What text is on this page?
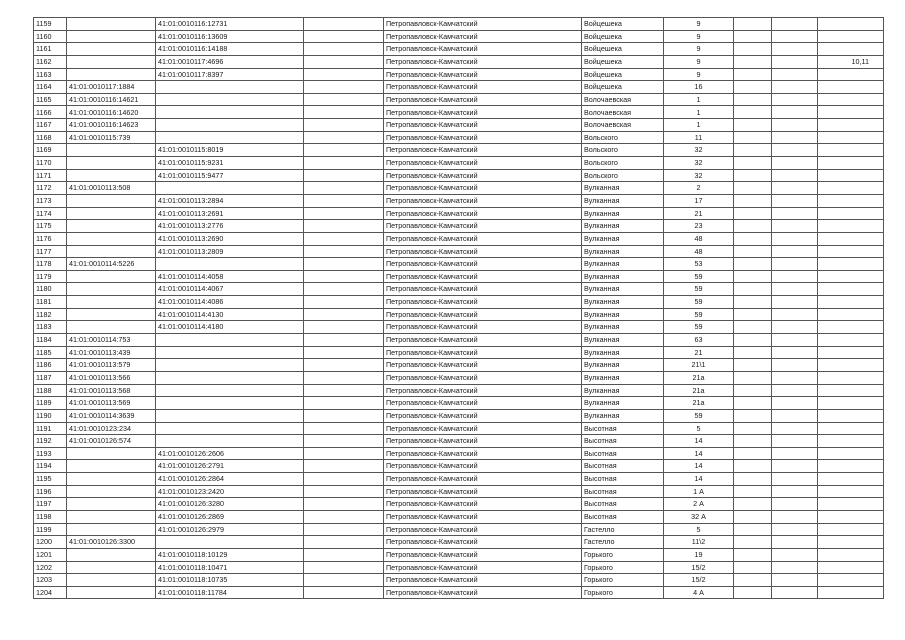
1159		41:01:0010116:12731		Петропавловск-Камчатский	Войцешека	9			
1160		41:01:0010116:13609		Петропавловск-Камчатский	Войцешека	9			
1161		41:01:0010116:14188		Петропавловск-Камчатский	Войцешека	9			
1162		41:01:0010117:4696		Петропавловск-Камчатский	Войцешека	9			10,11
1163		41:01:0010117:8397		Петропавловск-Камчатский	Войцешека	9			
1164	41:01:0010117:1884			Петропавловск-Камчатский	Войцешека	16			
1165	41:01:0010116:14621			Петропавловск-Камчатский	Волочаевская	1			
1166	41:01:0010116:14620			Петропавловск-Камчатский	Волочаевская	1			
1167	41:01:0010116:14623			Петропавловск-Камчатский	Волочаевская	1			
1168	41:01:0010115:739			Петропавловск-Камчатский	Вольского	11			
1169		41:01:0010115:8019		Петропавловск-Камчатский	Вольского	32			
1170		41:01:0010115:9231		Петропавловск-Камчатский	Вольского	32			
1171		41:01:0010115:9477		Петропавловск-Камчатский	Вольского	32			
1172	41:01:0010113:508			Петропавловск-Камчатский	Вулканная	2			
1173		41:01:0010113:2894		Петропавловск-Камчатский	Вулканная	17			
1174		41:01:0010113:2691		Петропавловск-Камчатский	Вулканная	21			
1175		41:01:0010113:2776		Петропавловск-Камчатский	Вулканная	23			
1176		41:01:0010113:2690		Петропавловск-Камчатский	Вулканная	48			
1177		41:01:0010113:2809		Петропавловск-Камчатский	Вулканная	48			
1178	41:01:0010114:5226			Петропавловск-Камчатский	Вулканная	53			
1179		41:01:0010114:4058		Петропавловск-Камчатский	Вулканная	59			
1180		41:01:0010114:4067		Петропавловск-Камчатский	Вулканная	59			
1181		41:01:0010114:4086		Петропавловск-Камчатский	Вулканная	59			
1182		41:01:0010114:4130		Петропавловск-Камчатский	Вулканная	59			
1183		41:01:0010114:4180		Петропавловск-Камчатский	Вулканная	59			
1184	41:01:0010114:753			Петропавловск-Камчатский	Вулканная	63			
1185	41:01:0010113:439			Петропавловск-Камчатский	Вулканная	21			
1186	41:01:0010113:579			Петропавловск-Камчатский	Вулканная	21\1			
1187	41:01:0010113:566			Петропавловск-Камчатский	Вулканная	21а			
1188	41:01:0010113:568			Петропавловск-Камчатский	Вулканная	21а			
1189	41:01:0010113:569			Петропавловск-Камчатский	Вулканная	21а			
1190	41:01:0010114:3639			Петропавловск-Камчатский	Вулканная	59			
1191	41:01:0010123:234			Петропавловск-Камчатский	Высотная	5			
1192	41:01:0010126:574			Петропавловск-Камчатский	Высотная	14			
1193		41:01:0010126:2606		Петропавловск-Камчатский	Высотная	14			
1194		41:01:0010126:2791		Петропавловск-Камчатский	Высотная	14			
1195		41:01:0010126:2864		Петропавловск-Камчатский	Высотная	14			
1196		41:01:0010123:2420		Петропавловск-Камчатский	Высотная	1 А			
1197		41:01:0010126:3280		Петропавловск-Камчатский	Высотная	2 А			
1198		41:01:0010126:2869		Петропавловск-Камчатский	Высотная	32 А			
1199		41:01:0010126:2979		Петропавловск-Камчатский	Гастелло	5			
1200	41:01:0010126:3300			Петропавловск-Камчатский	Гастелло	11\2			
1201		41:01:0010118:10129		Петропавловск-Камчатский	Горького	19			
1202		41:01:0010118:10471		Петропавловск-Камчатский	Горького	15/2			
1203		41:01:0010118:10735		Петропавловск-Камчатский	Горького	15/2			
1204		41:01:0010118:11784		Петропавловск-Камчатский	Горького	4 А			
